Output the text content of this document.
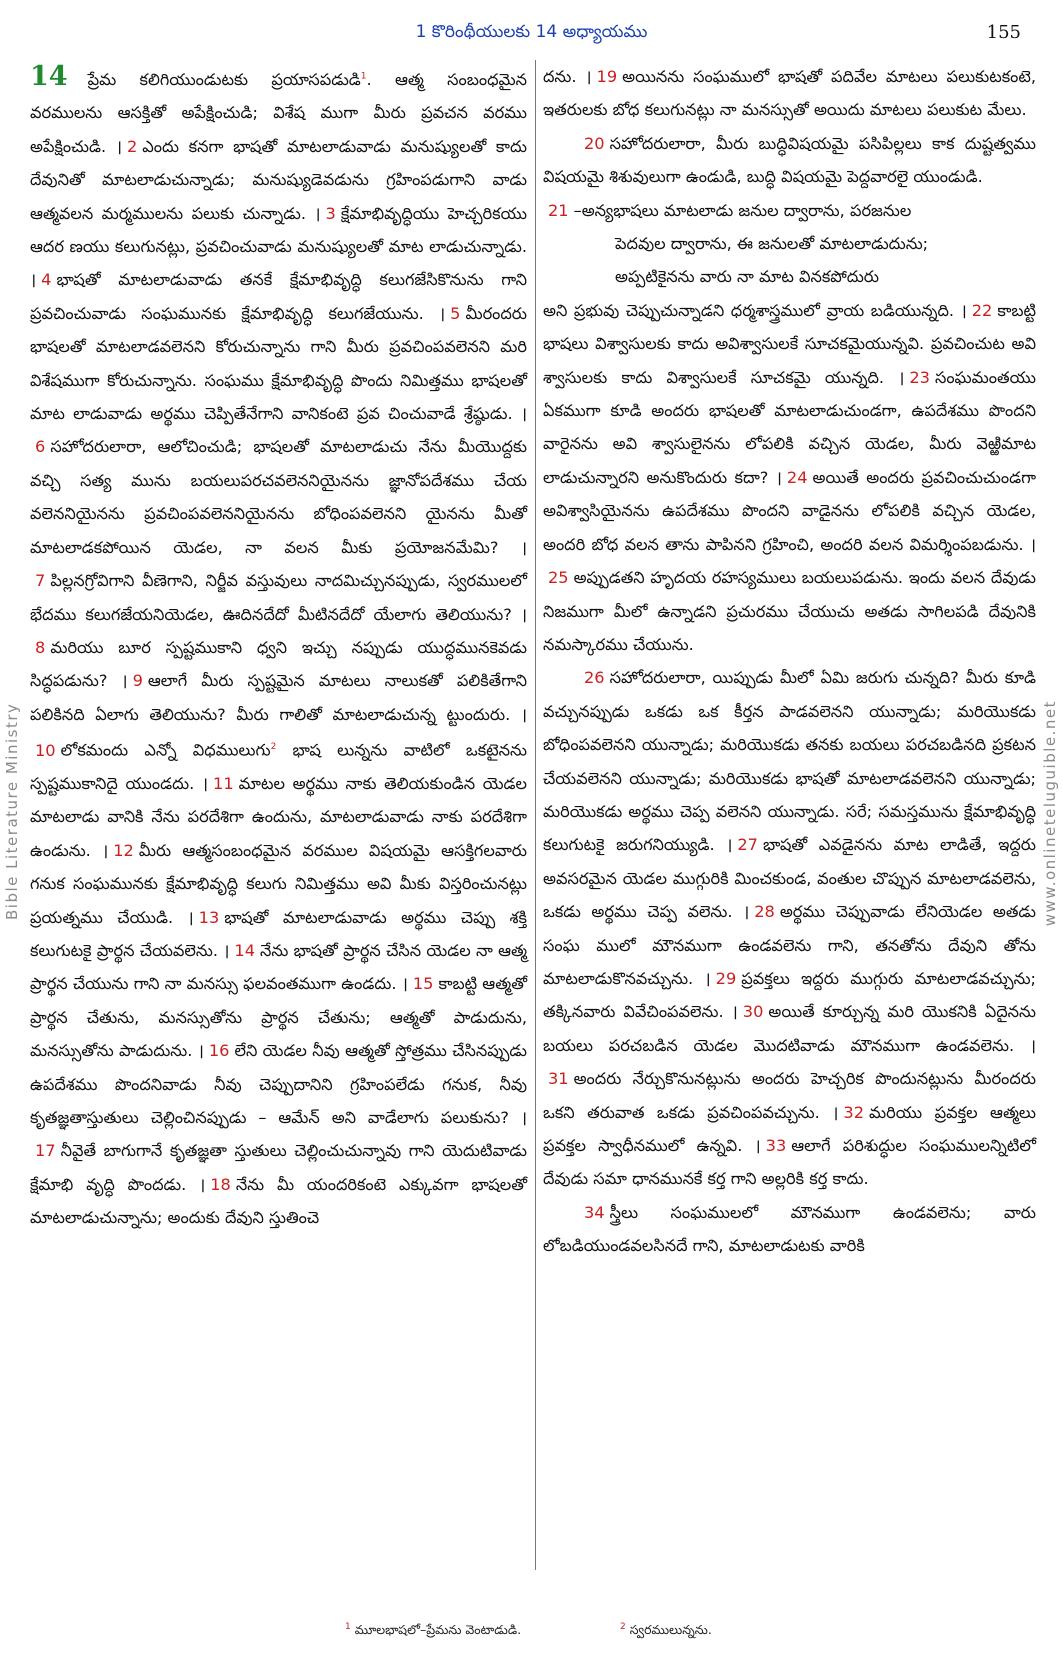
1 కొరింథీయులకు 14 అధ్యాయము	155
Bible Literature Ministry	www.onlineteluguible.net

14 ప్రేమ కలిగియుండుటకు ప్రయాసపడుడి$^1$. ఆత్మ సంబంధమైన వరములను ఆసక్తితో అపేక్షించుడి; విశేష ముగా మీరు ప్రవచన వరము అపేక్షించుడి. । 2 ఎందు కనగా భాషతో మాటలాడువాడు మనుష్యులతో కాదు దేవునితో మాటలాడుచున్నాడు; మనుష్యుడెవడును గ్రహింపడుగాని వాడు ఆత్మవలన మర్మములను పలుకు చున్నాడు. । 3 క్షేమాభివృద్ధియు హెచ్చరికయు ఆదర ణయు కలుగునట్లు, ప్రవచించువాడు మనుష్యులతో మాట లాడుచున్నాడు. । 4 భాషతో మాటలాడువాడు తనకే క్షేమాభివృద్ధి కలుగజేసికొనును గాని ప్రవచించువాడు సంఘమునకు క్షేమాభివృద్ధి కలుగజేయును. । 5 మీరందరు భాషలతో మాటలాడవలెనని కోరుచున్నాను గాని మీరు ప్రవచింపవలెనని మరి విశేషముగా కోరుచున్నాను. సంఘము క్షేమాభివృద్ధి పొందు నిమిత్తము భాషలతో మాట లాడువాడు అర్థము చెప్పితేనేగాని వానికంటె ప్రవ చించువాడే శ్రేష్ఠుడు. ।6 సహోదరులారా, ఆలోచించుడి; భాషలతో మాటలాడుచు నేను మీయొద్దకు వచ్చి సత్య మును బయలుపరచవలెననియైనను జ్ఞానోపదేశము చేయ వలెననియైనను ప్రవచింపవలెననియైనను బోధింపవలెనని యైనను మీతో మాటలాడకపోయిన యెడల, నా వలన మీకు ప్రయోజనమేమి? ।7 పిల్లనగ్రోవిగాని వీణెగాని, నిర్జీవ వస్తువులు నాదమిచ్చునప్పుడు, స్వరములలో భేదము కలుగజేయనియెడల, ఊదినదేదో మీటినదేదో యేలాగు తెలియును? ।8 మరియు బూర స్పష్టముకాని ధ్వని ఇచ్చు నప్పుడు యుద్ధమునకెవడు సిద్ధపడును? । 9 ఆలాగే మీరు స్పష్టమైన మాటలు నాలుకతో పలికితేగాని పలికినది ఏలాగు తెలియును? మీరు గాలితో మాటలాడుచున్న ట్టుందురు. ।10 లోకమందు ఎన్నో విధములుగు$^2$ భాష లున్నను వాటిలో ఒకటైనను స్పష్టముకానిదై యుండదు. । 11 మాటల అర్థము నాకు తెలియకుండిన యెడల మాటలాడు వానికి నేను పరదేశిగా ఉందును, మాటలాడువాడు నాకు పరదేశిగా ఉండును. । 12 మీరు ఆత్మసంబంధమైన వరముల విషయమై ఆసక్తిగలవారు గనుక సంఘమునకు క్షేమాభివృద్ధి కలుగు నిమిత్తము అవి మీకు విస్తరించునట్లు ప్రయత్నము చేయుడి. । 13 భాషతో మాటలాడువాడు అర్థము చెప్పు శక్తి కలుగుటకై ప్రార్థన చేయవలెను. । 14 నేను భాషతో ప్రార్థన చేసిన యెడల నా ఆత్మ ప్రార్థన చేయును గాని నా మనస్సు ఫలవంతముగా ఉండదు. । 15 కాబట్టి ఆత్మతో ప్రార్థన చేతును, మనస్సుతోను ప్రార్థన చేతును; ఆత్మతో పాడుదును, మనస్సుతోను పాడుదును. । 16 లేని యెడల నీవు ఆత్మతో స్తోత్రము చేసినప్పుడు ఉపదేశము పొందనివాడు నీవు చెప్పుదానిని గ్రహింపలేడు గనుక, నీవు కృతజ్ఞతాస్తుతులు చెల్లించినప్పుడు – ఆమేన్ అని వాడేలాగు పలుకును? ।17 నీవైతే బాగుగానే కృతజ్ఞతా స్తుతులు చెల్లించుచున్నావు గాని యెదుటివాడు క్షేమాభి వృద్ధి పొందడు. । 18 నేను మీ యందరికంటె ఎక్కువగా భాషలతో మాటలాడుచున్నాను; అందుకు దేవుని స్తుతించె

దను. । 19 అయినను సంఘములో భాషతో పదివేల మాటలు పలుకుటకంటె, ఇతరులకు బోధ కలుగునట్లు నా మనస్సుతో అయిదు మాటలు పలుకుట మేలు.

20 సహోదరులారా, మీరు బుద్ధివిషయమై పసిపిల్లలు కాక దుష్టత్వము విషయమై శిశువులుగా ఉండుడి, బుద్ధి విషయమై పెద్దవారలై యుండుడి.

21 –అన్యభాషలు మాటలాడు జనుల ద్వారాను, పరజనుల

పెదవుల ద్వారాను, ఈ జనులతో మాటలాడుదును;

అప్పటికైనను వారు నా మాట వినకపోదురు

అని ప్రభువు చెప్పుచున్నాడని ధర్మశాస్త్రములో వ్రాయ బడియున్నది. । 22 కాబట్టి భాషలు విశ్వాసులకు కాదు అవిశ్వాసులకే సూచకమైయున్నవి. ప్రవచించుట అవి శ్వాసులకు కాదు విశ్వాసులకే సూచకమై యున్నది. । 23 సంఘమంతయు ఏకముగా కూడి అందరు భాషలతో మాటలాడుచుండగా, ఉపదేశము పొందని వారైనను అవి శ్వాసులైనను లోపలికి వచ్చిన యెడల, మీరు వెఱ్ఱిమాట లాడుచున్నారని అనుకొందురు కదా? । 24 అయితే అందరు ప్రవచించుచుండగా అవిశ్వాసియైనను ఉపదేశము పొందని వాడైనను లోపలికి వచ్చిన యెడల, అందరి బోధ వలన తాను పాపినని గ్రహించి, అందరి వలన విమర్శింపబడును. ।25 అప్పుడతని హృదయ రహస్యములు బయలుపడును. ఇందు వలన దేవుడు నిజముగా మీలో ఉన్నాడని ప్రచురము చేయుచు అతడు సాగిలపడి దేవునికి నమస్కారము చేయును.

26 సహోదరులారా, యిప్పుడు మీలో ఏమి జరుగు చున్నది? మీరు కూడి వచ్చునప్పుడు ఒకడు ఒక కీర్తన పాడవలెనని యున్నాడు; మరియొకడు బోధింపవలెనని యున్నాడు; మరియొకడు తనకు బయలు పరచబడినది ప్రకటన చేయవలెనని యున్నాడు; మరియొకడు భాషతో మాటలాడవలెనని యున్నాడు; మరియొకడు అర్థము చెప్ప వలెనని యున్నాడు. సరే; సమస్తమును క్షేమాభివృద్ధి కలుగుటకై జరుగనియ్యుడి. । 27 భాషతో ఎవడైనను మాట లాడితే, ఇద్దరు అవసరమైన యెడల ముగ్గురికి మించకుండ, వంతుల చొప్పున మాటలాడవలెను, ఒకడు అర్థము చెప్ప వలెను. । 28 అర్థము చెప్పువాడు లేనియెడల అతడు సంఘ ములో మౌనముగా ఉండవలెను గాని, తనతోను దేవుని తోను మాటలాడుకొనవచ్చును. । 29 ప్రవక్తలు ఇద్దరు ముగ్గురు మాటలాడవచ్చును; తక్కినవారు వివేచింపవలెను. । 30 అయితే కూర్చున్న మరి యొకనికి ఏదైనను బయలు పరచబడిన యెడల మొదటివాడు మౌనముగా ఉండవలెను. ।31 అందరు నేర్చుకొనునట్లును అందరు హెచ్చరిక పొందునట్లును మీరందరు ఒకని తరువాత ఒకడు ప్రవచింపవచ్చును. । 32 మరియు ప్రవక్తల ఆత్మలు ప్రవక్తల స్వాధీనములో ఉన్నవి. । 33 ఆలాగే పరిశుద్ధుల సంఘములన్నిటిలో దేవుడు సమా ధానమునకే కర్త గాని అల్లరికి కర్త కాదు.

34 స్త్రీలు సంఘములలో మౌనముగా ఉండవలెను; వారు లోబడియుండవలసినదే గాని, మాటలాడుటకు వారికి

$^1$ మూలభాషలో–ప్రేమను వెంటాడుడి.	$^2$ స్వరములున్నను.
